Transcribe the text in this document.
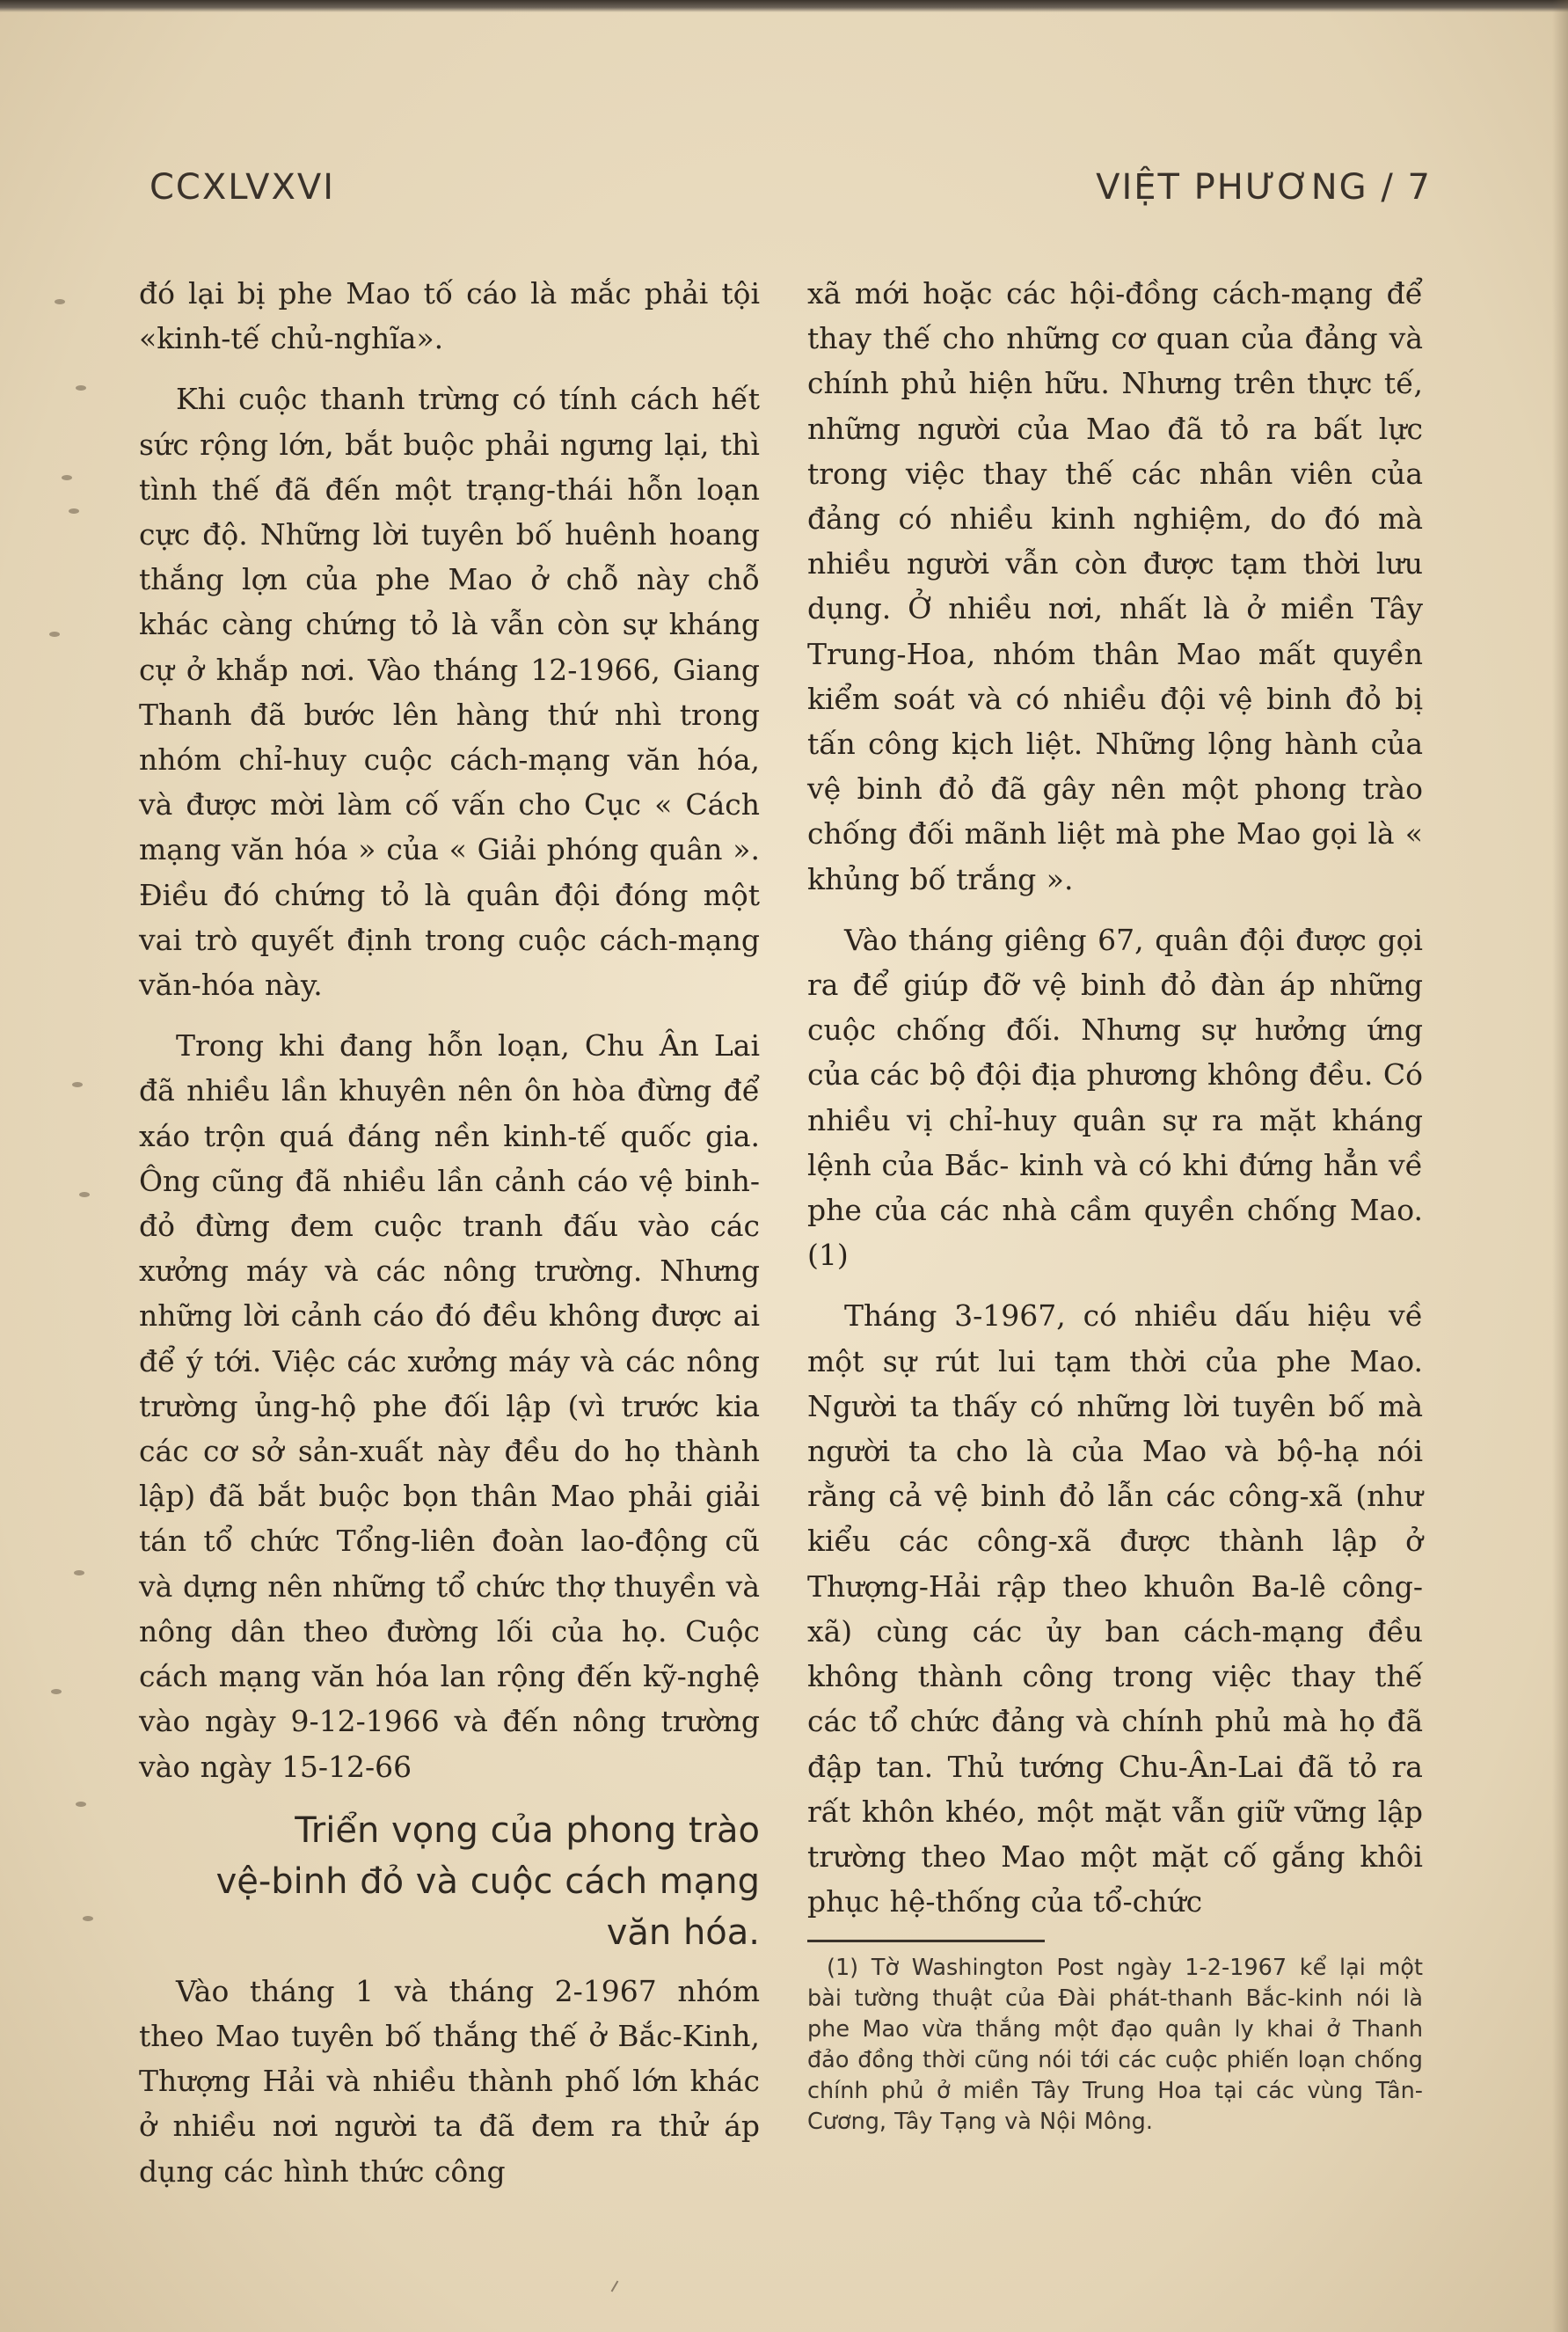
CCXLVXVI	VIỆT PHƯƠNG / 7

đó lại bị phe Mao tố cáo là mắc phải tội «kinh-tế chủ-nghĩa».

Khi cuộc thanh trừng có tính cách hết sức rộng lớn, bắt buộc phải ngưng lại, thì tình thế đã đến một trạng-thái hỗn loạn cực độ. Những lời tuyên bố huênh hoang thắng lợn của phe Mao ở chỗ này chỗ khác càng chứng tỏ là vẫn còn sự kháng cự ở khắp nơi. Vào tháng 12-1966, Giang Thanh đã bước lên hàng thứ nhì trong nhóm chỉ-huy cuộc cách-mạng văn hóa, và được mời làm cố vấn cho Cục « Cách mạng văn hóa » của « Giải phóng quân ». Điều đó chứng tỏ là quân đội đóng một vai trò quyết định trong cuộc cách-mạng văn-hóa này.

Trong khi đang hỗn loạn, Chu Ân Lai đã nhiều lần khuyên nên ôn hòa đừng để xáo trộn quá đáng nền kinh-tế quốc gia. Ông cũng đã nhiều lần cảnh cáo vệ binh-đỏ đừng đem cuộc tranh đấu vào các xưởng máy và các nông trường. Nhưng những lời cảnh cáo đó đều không được ai để ý tới. Việc các xưởng máy và các nông trường ủng-hộ phe đối lập (vì trước kia các cơ sở sản-xuất này đều do họ thành lập) đã bắt buộc bọn thân Mao phải giải tán tổ chức Tổng-liên đoàn lao-động cũ và dựng nên những tổ chức thợ thuyền và nông dân theo đường lối của họ. Cuộc cách mạng văn hóa lan rộng đến kỹ-nghệ vào ngày 9-12-1966 và đến nông trường vào ngày 15-12-66

Triển vọng của phong trào
vệ-binh đỏ và cuộc cách mạng
văn hóa.

Vào tháng 1 và tháng 2-1967 nhóm theo Mao tuyên bố thắng thế ở Bắc-Kinh, Thượng Hải và nhiều thành phố lớn khác ở nhiều nơi người ta đã đem ra thử áp dụng các hình thức công

xã mới hoặc các hội-đồng cách-mạng để thay thế cho những cơ quan của đảng và chính phủ hiện hữu. Nhưng trên thực tế, những người của Mao đã tỏ ra bất lực trong việc thay thế các nhân viên của đảng có nhiều kinh nghiệm, do đó mà nhiều người vẫn còn được tạm thời lưu dụng. Ở nhiều nơi, nhất là ở miền Tây Trung-Hoa, nhóm thân Mao mất quyền kiểm soát và có nhiều đội vệ binh đỏ bị tấn công kịch liệt. Những lộng hành của vệ binh đỏ đã gây nên một phong trào chống đối mãnh liệt mà phe Mao gọi là « khủng bố trắng ».

Vào tháng giêng 67, quân đội được gọi ra để giúp đỡ vệ binh đỏ đàn áp những cuộc chống đối. Nhưng sự hưởng ứng của các bộ đội địa phương không đều. Có nhiều vị chỉ-huy quân sự ra mặt kháng lệnh của Bắc- kinh và có khi đứng hẳn về phe của các nhà cầm quyền chống Mao. (1)

Tháng 3-1967, có nhiều dấu hiệu về một sự rút lui tạm thời của phe Mao. Người ta thấy có những lời tuyên bố mà người ta cho là của Mao và bộ-hạ nói rằng cả vệ binh đỏ lẫn các công-xã (như kiểu các công-xã được thành lập ở Thượng-Hải rập theo khuôn Ba-lê công-xã) cùng các ủy ban cách-mạng đều không thành công trong việc thay thế các tổ chức đảng và chính phủ mà họ đã đập tan. Thủ tướng Chu-Ân-Lai đã tỏ ra rất khôn khéo, một mặt vẫn giữ vững lập trường theo Mao một mặt cố gắng khôi phục hệ-thống của tổ-chức

(1) Tờ Washington Post ngày 1-2-1967 kể lại một bài tường thuật của Đài phát-thanh Bắc-kinh nói là phe Mao vừa thắng một đạo quân ly khai ở Thanh đảo đồng thời cũng nói tới các cuộc phiến loạn chống chính phủ ở miền Tây Trung Hoa tại các vùng Tân-Cương, Tây Tạng và Nội Mông.
